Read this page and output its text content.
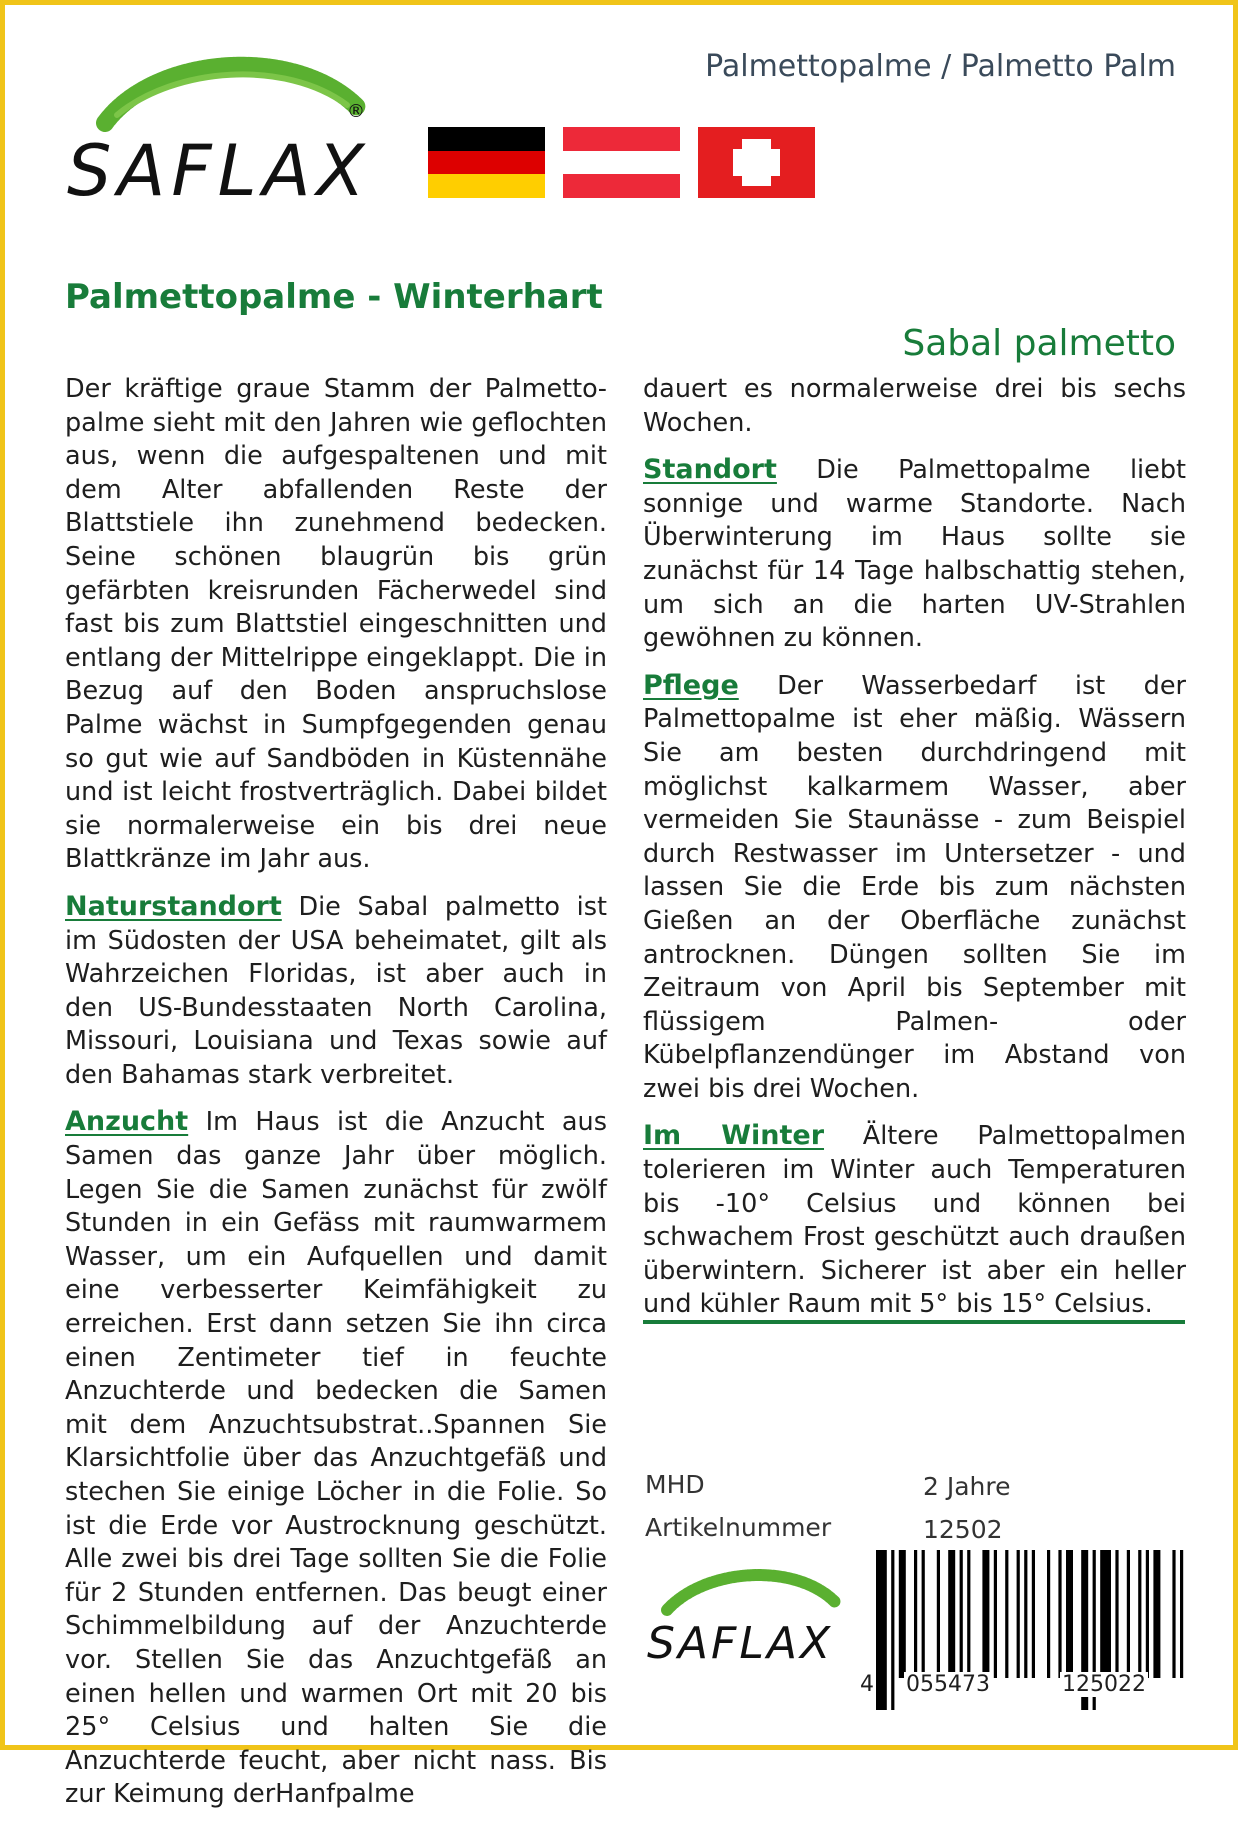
Palmettopalme / Palmetto Palm
SAFLAX
®
Palmettopalme - Winterhart
Sabal palmetto

Der kräftige graue Stamm der Palmettopalme sieht mit den Jahren wie geflochten aus, wenn die aufgespaltenen und mit dem Alter abfallenden Reste der Blattstiele ihn zunehmend bedecken. Seine schönen blaugrün bis grün gefärbten kreisrunden Fächerwedel sind fast bis zum Blattstiel eingeschnitten und entlang der Mittelrippe eingeklappt. Die in Bezug auf den Boden anspruchslose Palme wächst in Sumpfgegenden genau so gut wie auf Sandböden in Küstennähe und ist leicht frostverträglich. Dabei bildet sie normalerweise ein bis drei neue Blattkränze im Jahr aus.

Naturstandort Die Sabal palmetto ist im Südosten der USA beheimatet, gilt als Wahrzeichen Floridas, ist aber auch in den US-Bundesstaaten North Carolina, Missouri, Louisiana und Texas sowie auf den Bahamas stark verbreitet.

Anzucht Im Haus ist die Anzucht aus Samen das ganze Jahr über möglich. Legen Sie die Samen zunächst für zwölf Stunden in ein Gefäss mit raumwarmem Wasser, um ein Aufquellen und damit eine verbesserter Keimfähigkeit zu erreichen. Erst dann setzen Sie ihn circa einen Zentimeter tief in feuchte Anzuchterde und bedecken die Samen mit dem Anzuchtsubstrat..Spannen Sie Klarsichtfolie über das Anzuchtgefäß und stechen Sie einige Löcher in die Folie. So ist die Erde vor Austrocknung geschützt. Alle zwei bis drei Tage sollten Sie die Folie für 2 Stunden entfernen. Das beugt einer Schimmelbildung auf der Anzuchterde vor. Stellen Sie das Anzuchtgefäß an einen hellen und warmen Ort mit 20 bis 25° Celsius und halten Sie die Anzuchterde feucht, aber nicht nass. Bis zur Keimung derHanfpalme

dauert es normalerweise drei bis sechs Wochen.

Standort Die Palmettopalme liebt sonnige und warme Standorte. Nach Überwinterung im Haus sollte sie zunächst für 14 Tage halbschattig stehen, um sich an die harten UV-Strahlen gewöhnen zu können.

Pflege Der Wasserbedarf ist der Palmettopalme ist eher mäßig. Wässern Sie am besten durchdringend mit möglichst kalkarmem Wasser, aber vermeiden Sie Staunässe - zum Beispiel durch Restwasser im Untersetzer - und lassen Sie die Erde bis zum nächsten Gießen an der Oberfläche zunächst antrocknen. Düngen sollten Sie im Zeitraum von April bis September mit flüssigem Palmen- oder Kübelpflanzendünger im Abstand von zwei bis drei Wochen.

Im Winter Ältere Palmettopalmen tolerieren im Winter auch Temperaturen bis -10° Celsius und können bei schwachem Frost geschützt auch draußen überwintern. Sicherer ist aber ein heller und kühler Raum mit 5° bis 15° Celsius.

MHD	2 Jahre
Artikelnummer	12502
SAFLAX
4 055473	125022
